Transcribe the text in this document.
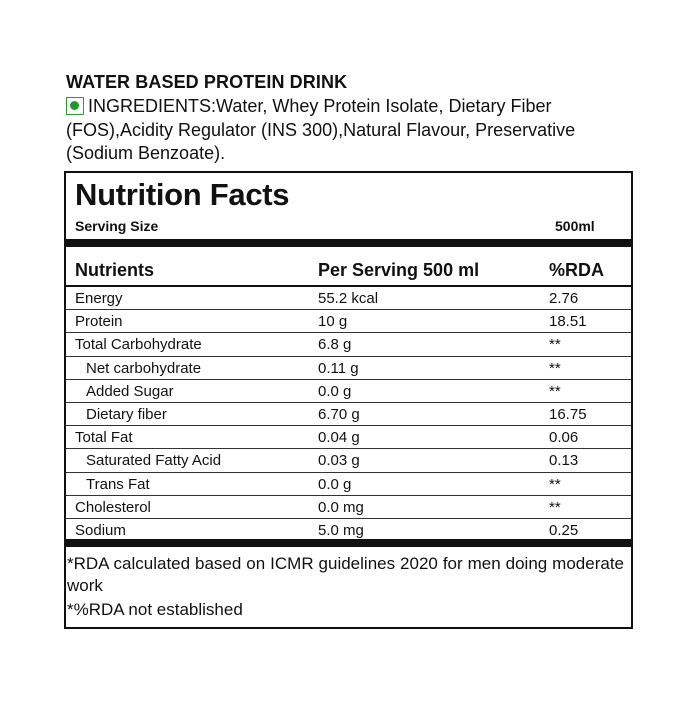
WATER BASED PROTEIN DRINK
INGREDIENTS:Water, Whey Protein Isolate, Dietary Fiber (FOS),Acidity Regulator (INS 300),Natural Flavour, Preservative (Sodium Benzoate).
Nutrition Facts
Serving Size	500ml
Nutrients	Per Serving 500 ml	%RDA
Energy	55.2 kcal	2.76
Protein	10 g	18.51
Total Carbohydrate	6.8 g	**
Net carbohydrate	0.11 g	**
Added Sugar	0.0 g	**
Dietary fiber	6.70 g	16.75
Total Fat	0.04 g	0.06
Saturated Fatty Acid	0.03 g	0.13
Trans Fat	0.0 g	**
Cholesterol	0.0 mg	**
Sodium	5.0 mg	0.25
*RDA calculated based on ICMR guidelines 2020 for men doing moderate work
*%RDA not established
